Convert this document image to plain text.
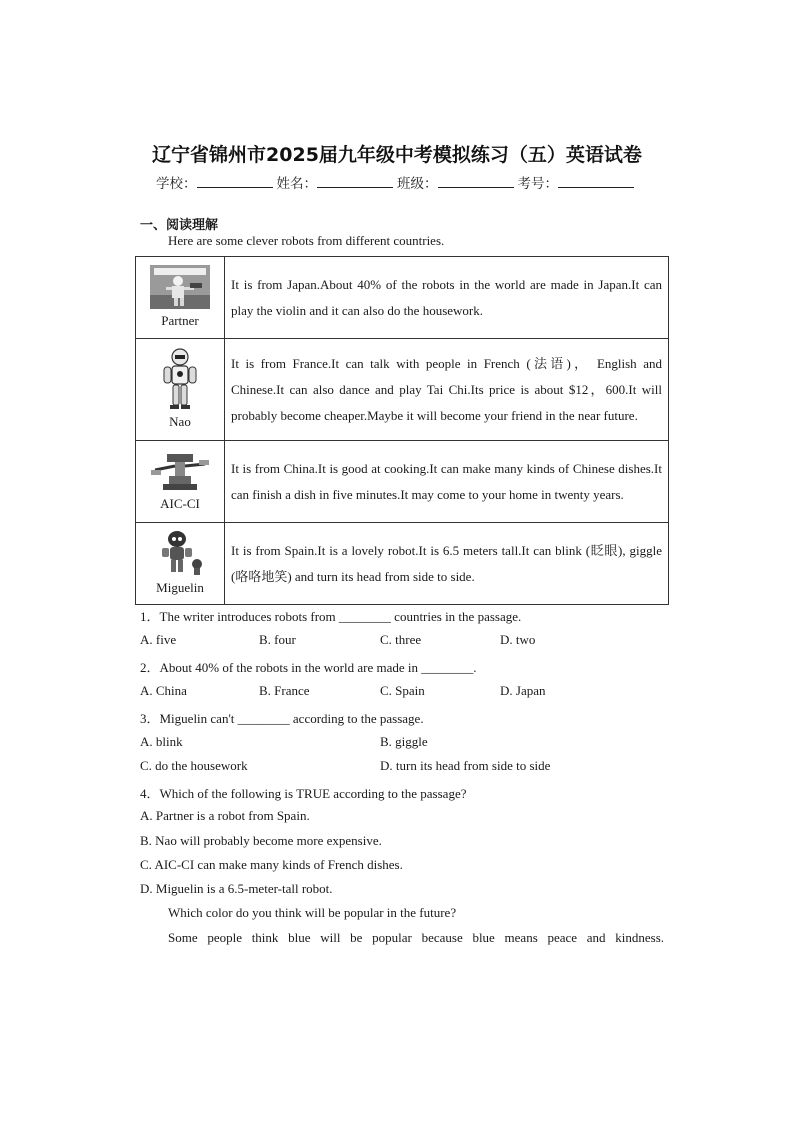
辽宁省锦州市2025届九年级中考模拟练习（五）英语试卷
学校：	姓名：	班级：	考号：
一、阅读理解
Here are some clever robots from different countries.
Partner	It is from Japan.About 40% of the robots in the world are made in Japan.It can play the violin and it can also do the housework.

Nao	It is from France.It can talk with people in French (法语)， English and Chinese.It can also dance and play Tai Chi.Its price is about $12，600.It will probably become cheaper.Maybe it will become your friend in the near future.

AIC-CI	It is from China.It is good at cooking.It can make many kinds of Chinese dishes.It can finish a dish in five minutes.It may come to your home in twenty years.

Miguelin	It is from Spain.It is a lovely robot.It is 6.5 meters tall.It can blink (眨眼), giggle (咯咯地笑) and turn its head from side to side.
1．The writer introduces robots from ________ countries in the passage.
A. five	B. four	C. three	D. two
2．About 40% of the robots in the world are made in ________.
A. China	B. France	C. Spain	D. Japan
3．Miguelin can't ________ according to the passage.
A. blink	B. giggle
C. do the housework	D. turn its head from side to side
4．Which of the following is TRUE according to the passage?
A. Partner is a robot from Spain.
B. Nao will probably become more expensive.
C. AIC-CI can make many kinds of French dishes.
D. Miguelin is a 6.5-meter-tall robot.
Which color do you think will be popular in the future?
Some people think blue will be popular because blue means peace and kindness.
